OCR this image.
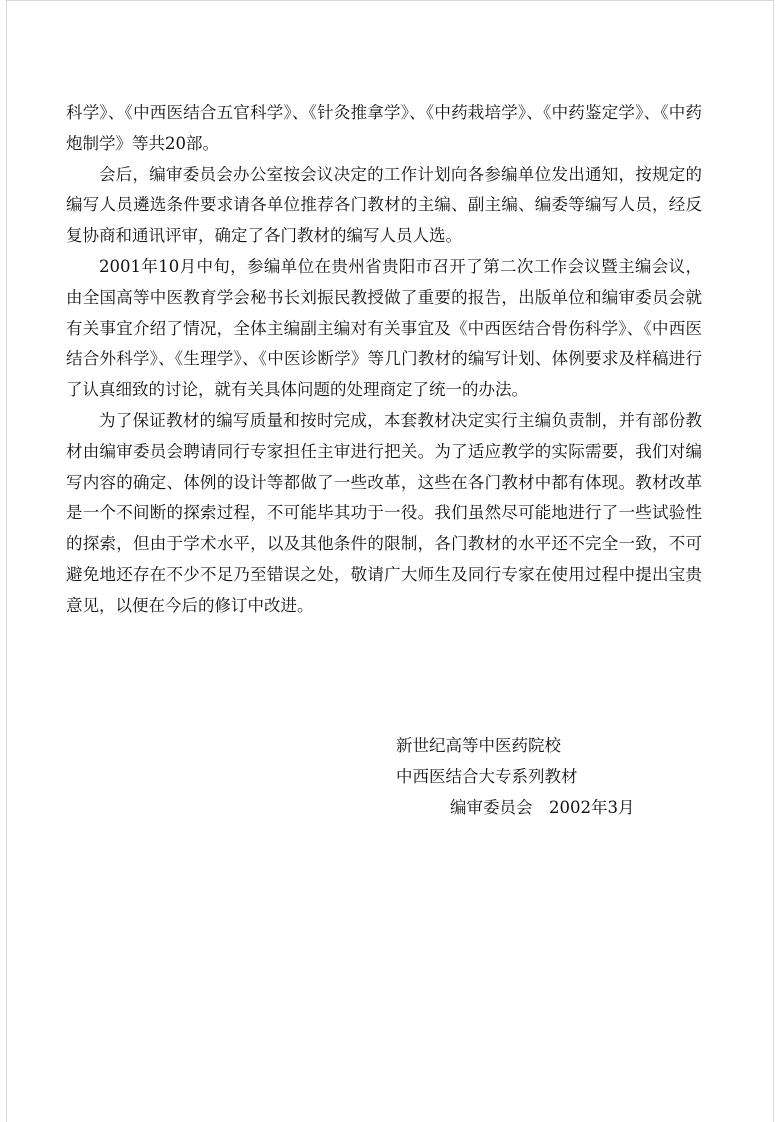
科学》、《中西医结合五官科学》、《针灸推拿学》、《中药栽培学》、《中药鉴定学》、《中药炮制学》等共20部。

会后，编审委员会办公室按会议决定的工作计划向各参编单位发出通知，按规定的编写人员遴选条件要求请各单位推荐各门教材的主编、副主编、编委等编写人员，经反复协商和通讯评审，确定了各门教材的编写人员人选。

2001年10月中旬，参编单位在贵州省贵阳市召开了第二次工作会议暨主编会议，由全国高等中医教育学会秘书长刘振民教授做了重要的报告，出版单位和编审委员会就有关事宜介绍了情况，全体主编副主编对有关事宜及《中西医结合骨伤科学》、《中西医结合外科学》、《生理学》、《中医诊断学》等几门教材的编写计划、体例要求及样稿进行了认真细致的讨论，就有关具体问题的处理商定了统一的办法。

为了保证教材的编写质量和按时完成，本套教材决定实行主编负责制，并有部份教材由编审委员会聘请同行专家担任主审进行把关。为了适应教学的实际需要，我们对编写内容的确定、体例的设计等都做了一些改革，这些在各门教材中都有体现。教材改革是一个不间断的探索过程，不可能毕其功于一役。我们虽然尽可能地进行了一些试验性的探索，但由于学术水平，以及其他条件的限制，各门教材的水平还不完全一致，不可避免地还存在不少不足乃至错误之处，敬请广大师生及同行专家在使用过程中提出宝贵意见，以便在今后的修订中改进。

新世纪高等中医药院校
中西医结合大专系列教材
编审委员会　2002年3月
